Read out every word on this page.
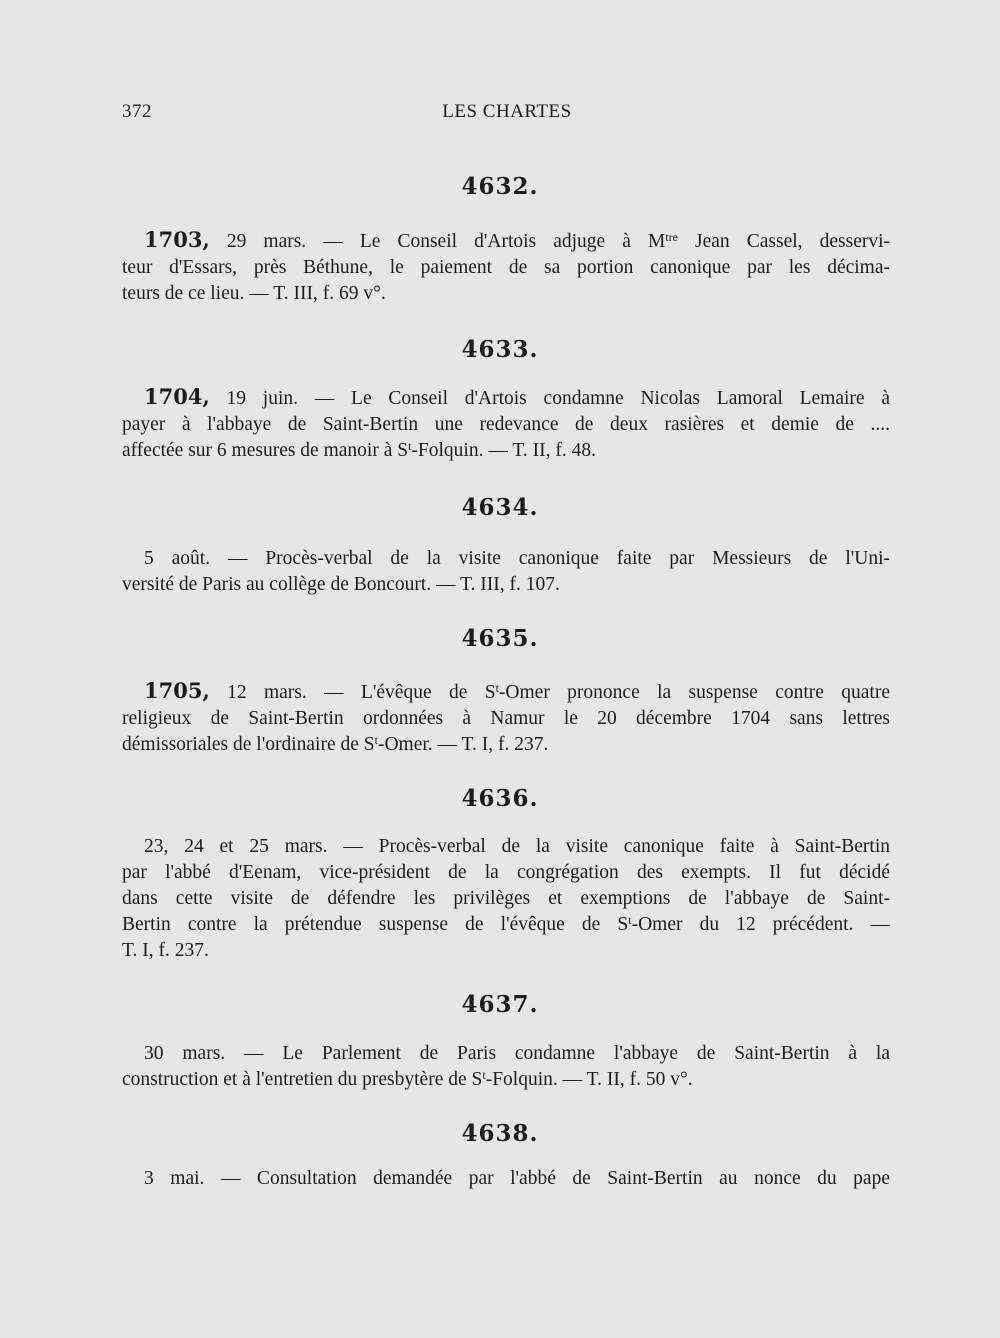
372	LES CHARTES
4632.
1703, 29 mars. — Le Conseil d'Artois adjuge à $M^{tre}$ Jean Cassel, desservi-
teur d'Essars, près Béthune, le paiement de sa portion canonique par les décima-
teurs de ce lieu. — T. III, f. 69 v°.
4633.
1704, 19 juin. — Le Conseil d'Artois condamne Nicolas Lamoral Lemaire à
payer à l'abbaye de Saint-Bertin une redevance de deux rasières et demie de ....
affectée sur 6 mesures de manoir à $S^t$-Folquin. — T. II, f. 48.
4634.
5 août. — Procès-verbal de la visite canonique faite par Messieurs de l'Uni-
versité de Paris au collège de Boncourt. — T. III, f. 107.
4635.
1705, 12 mars. — L'évêque de $S^t$-Omer prononce la suspense contre quatre
religieux de Saint-Bertin ordonnées à Namur le 20 décembre 1704 sans lettres
démissoriales de l'ordinaire de $S^t$-Omer. — T. I, f. 237.
4636.
23, 24 et 25 mars. — Procès-verbal de la visite canonique faite à Saint-Bertin
par l'abbé d'Eenam, vice-président de la congrégation des exempts. Il fut décidé
dans cette visite de défendre les privilèges et exemptions de l'abbaye de Saint-
Bertin contre la prétendue suspense de l'évêque de $S^t$-Omer du 12 précédent. —
T. I, f. 237.
4637.
30 mars. — Le Parlement de Paris condamne l'abbaye de Saint-Bertin à la
construction et à l'entretien du presbytère de $S^t$-Folquin. — T. II, f. 50 v°.
4638.
3 mai. — Consultation demandée par l'abbé de Saint-Bertin au nonce du pape
